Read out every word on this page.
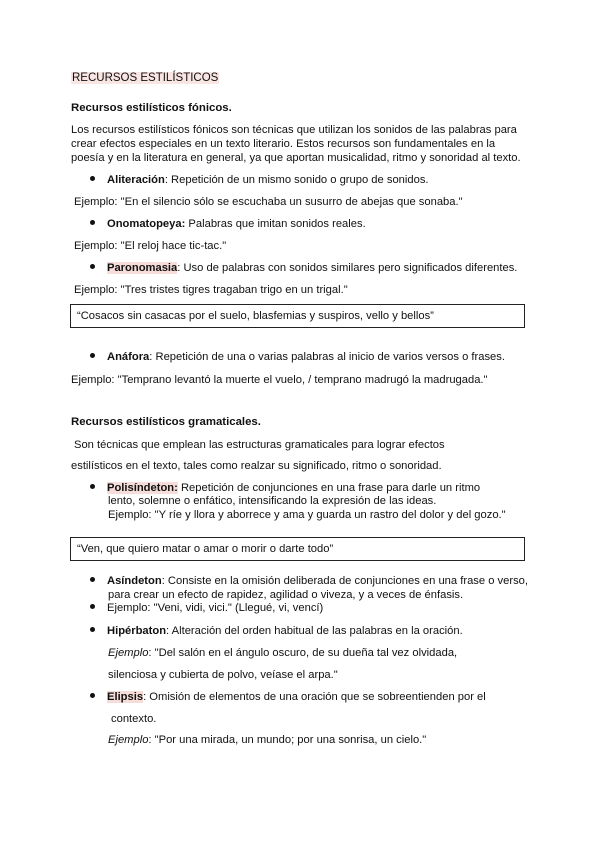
RECURSOS ESTILÍSTICOS
Recursos estilísticos fónicos.
Los recursos estilísticos fónicos son técnicas que utilizan los sonidos de las palabras para
crear efectos especiales en un texto literario. Estos recursos son fundamentales en la
poesía y en la literatura en general, ya que aportan musicalidad, ritmo y sonoridad al texto.
Aliteración: Repetición de un mismo sonido o grupo de sonidos.
Ejemplo: "En el silencio sólo se escuchaba un susurro de abejas que sonaba."
Onomatopeya: Palabras que imitan sonidos reales.
Ejemplo: "El reloj hace tic-tac."
Paronomasia: Uso de palabras con sonidos similares pero significados diferentes.
Ejemplo: "Tres tristes tigres tragaban trigo en un trigal."
“Cosacos sin casacas por el suelo, blasfemias y suspiros, vello y bellos”
Anáfora: Repetición de una o varias palabras al inicio de varios versos o frases.
Ejemplo: "Temprano levantó la muerte el vuelo, / temprano madrugó la madrugada."
Recursos estilísticos gramaticales.
Son técnicas que emplean las estructuras gramaticales para lograr efectos
estilísticos en el texto, tales como realzar su significado, ritmo o sonoridad.
Polisíndeton: Repetición de conjunciones en una frase para darle un ritmo
lento, solemne o enfático, intensificando la expresión de las ideas.
Ejemplo: "Y ríe y llora y aborrece y ama y guarda un rastro del dolor y del gozo."
“Ven, que quiero matar o amar o morir o darte todo”
Asíndeton: Consiste en la omisión deliberada de conjunciones en una frase o verso,
para crear un efecto de rapidez, agilidad o viveza, y a veces de énfasis.
Ejemplo: "Veni, vidi, vici." (Llegué, vi, vencí)
Hipérbaton: Alteración del orden habitual de las palabras en la oración.
Ejemplo: "Del salón en el ángulo oscuro, de su dueña tal vez olvidada,
silenciosa y cubierta de polvo, veíase el arpa."
Elipsis: Omisión de elementos de una oración que se sobreentienden por el
contexto.
Ejemplo: "Por una mirada, un mundo; por una sonrisa, un cielo."
